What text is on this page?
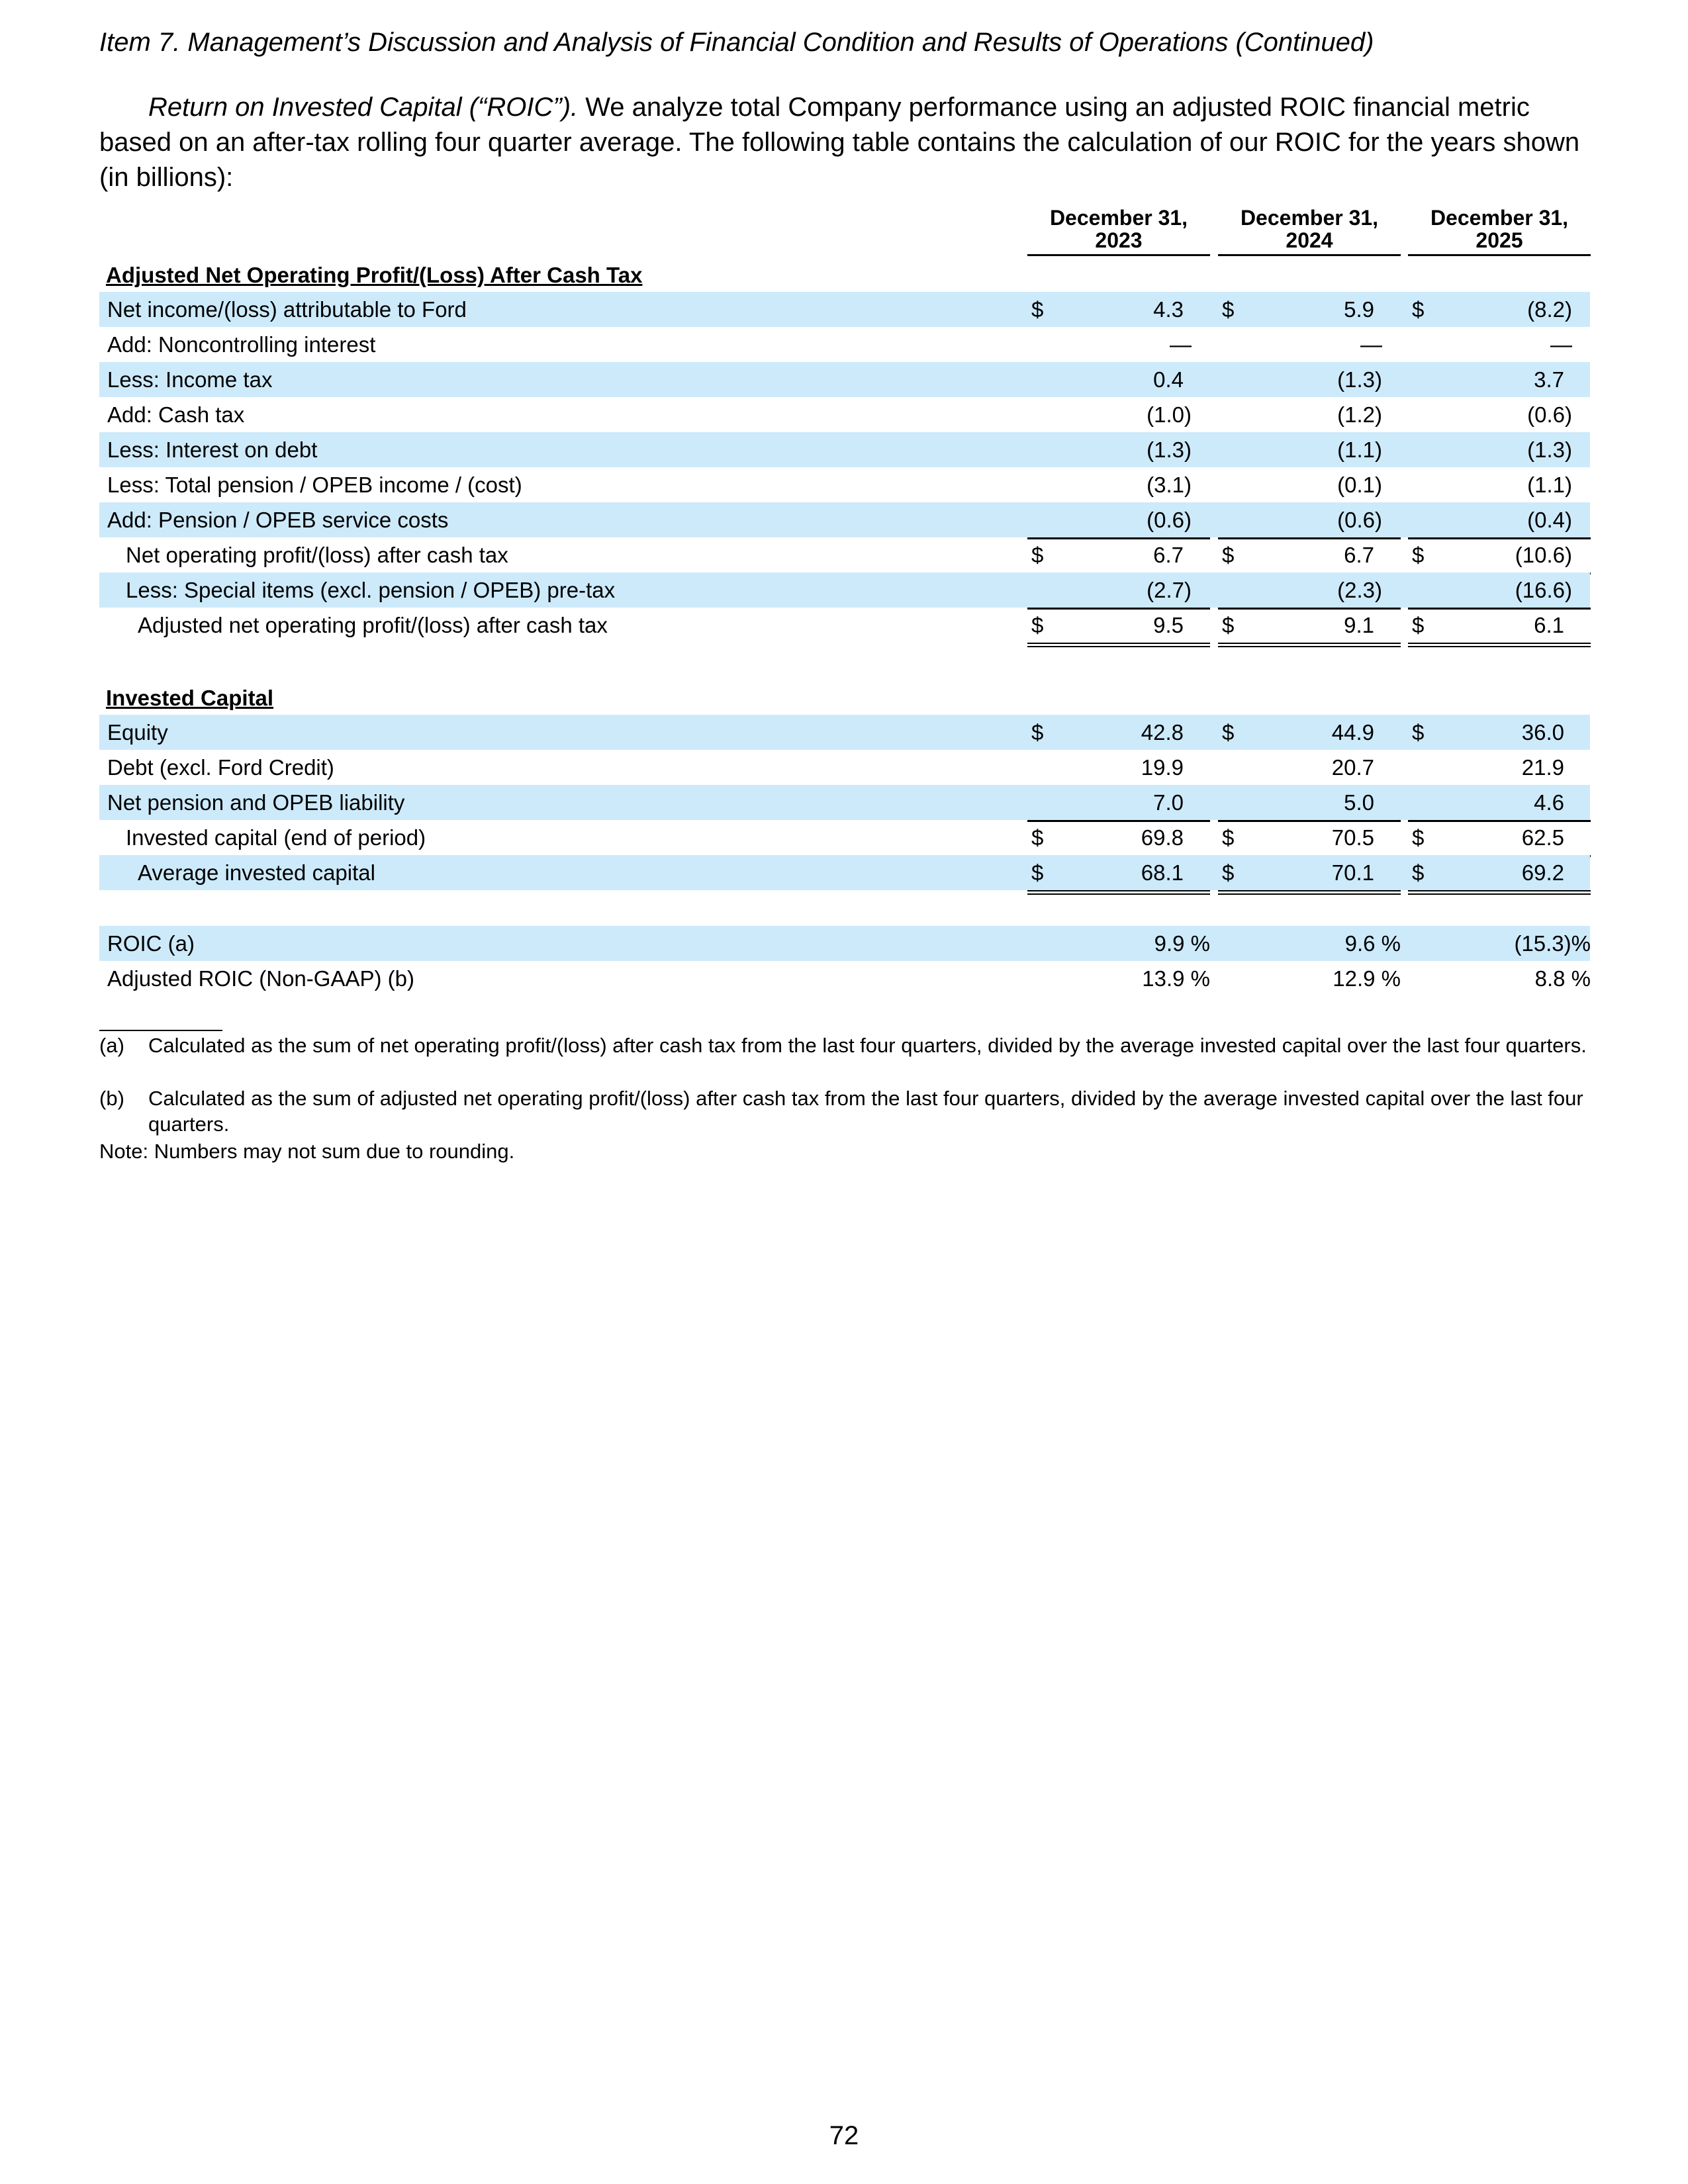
Item 7. Management’s Discussion and Analysis of Financial Condition and Results of Operations (Continued)
Return on Invested Capital (“ROIC”). We analyze total Company performance using an adjusted ROIC financial metric based on an after-tax rolling four quarter average. The following table contains the calculation of our ROIC for the years shown (in billions):
December 31,
2023
December 31,
2024
December 31,
2025
Adjusted Net Operating Profit/(Loss) After Cash Tax
Net income/(loss) attributable to Ford	$	4.3 $	5.9 $	(8.2)
Add: Noncontrolling interest	—	—	—
Less: Income tax	0.4	(1.3)	3.7
Add: Cash tax	(1.0)	(1.2)	(0.6)
Less: Interest on debt	(1.3)	(1.1)	(1.3)
Less: Total pension / OPEB income / (cost)	(3.1)	(0.1)	(1.1)
Add: Pension / OPEB service costs	(0.6)	(0.6)	(0.4)
Net operating profit/(loss) after cash tax	$	6.7 $	6.7 $	(10.6)
Less: Special items (excl. pension / OPEB) pre-tax	(2.7)	(2.3)	(16.6)
Adjusted net operating profit/(loss) after cash tax	$	9.5 $	9.1 $	6.1
Invested Capital
Equity	$	42.8 $	44.9 $	36.0
Debt (excl. Ford Credit)	19.9	20.7	21.9
Net pension and OPEB liability	7.0	5.0	4.6
Invested capital (end of period)	$	69.8 $	70.5 $	62.5
Average invested capital	$	68.1 $	70.1 $	69.2
ROIC (a)	9.9 %	9.6 %	(15.3)%
Adjusted ROIC (Non-GAAP) (b)	13.9 %	12.9 %	8.8 %
(a)	Calculated as the sum of net operating profit/(loss) after cash tax from the last four quarters, divided by the average invested capital over the last four quarters.
(b)	Calculated as the sum of adjusted net operating profit/(loss) after cash tax from the last four quarters, divided by the average invested capital over the last four quarters.
Note: Numbers may not sum due to rounding.
72
